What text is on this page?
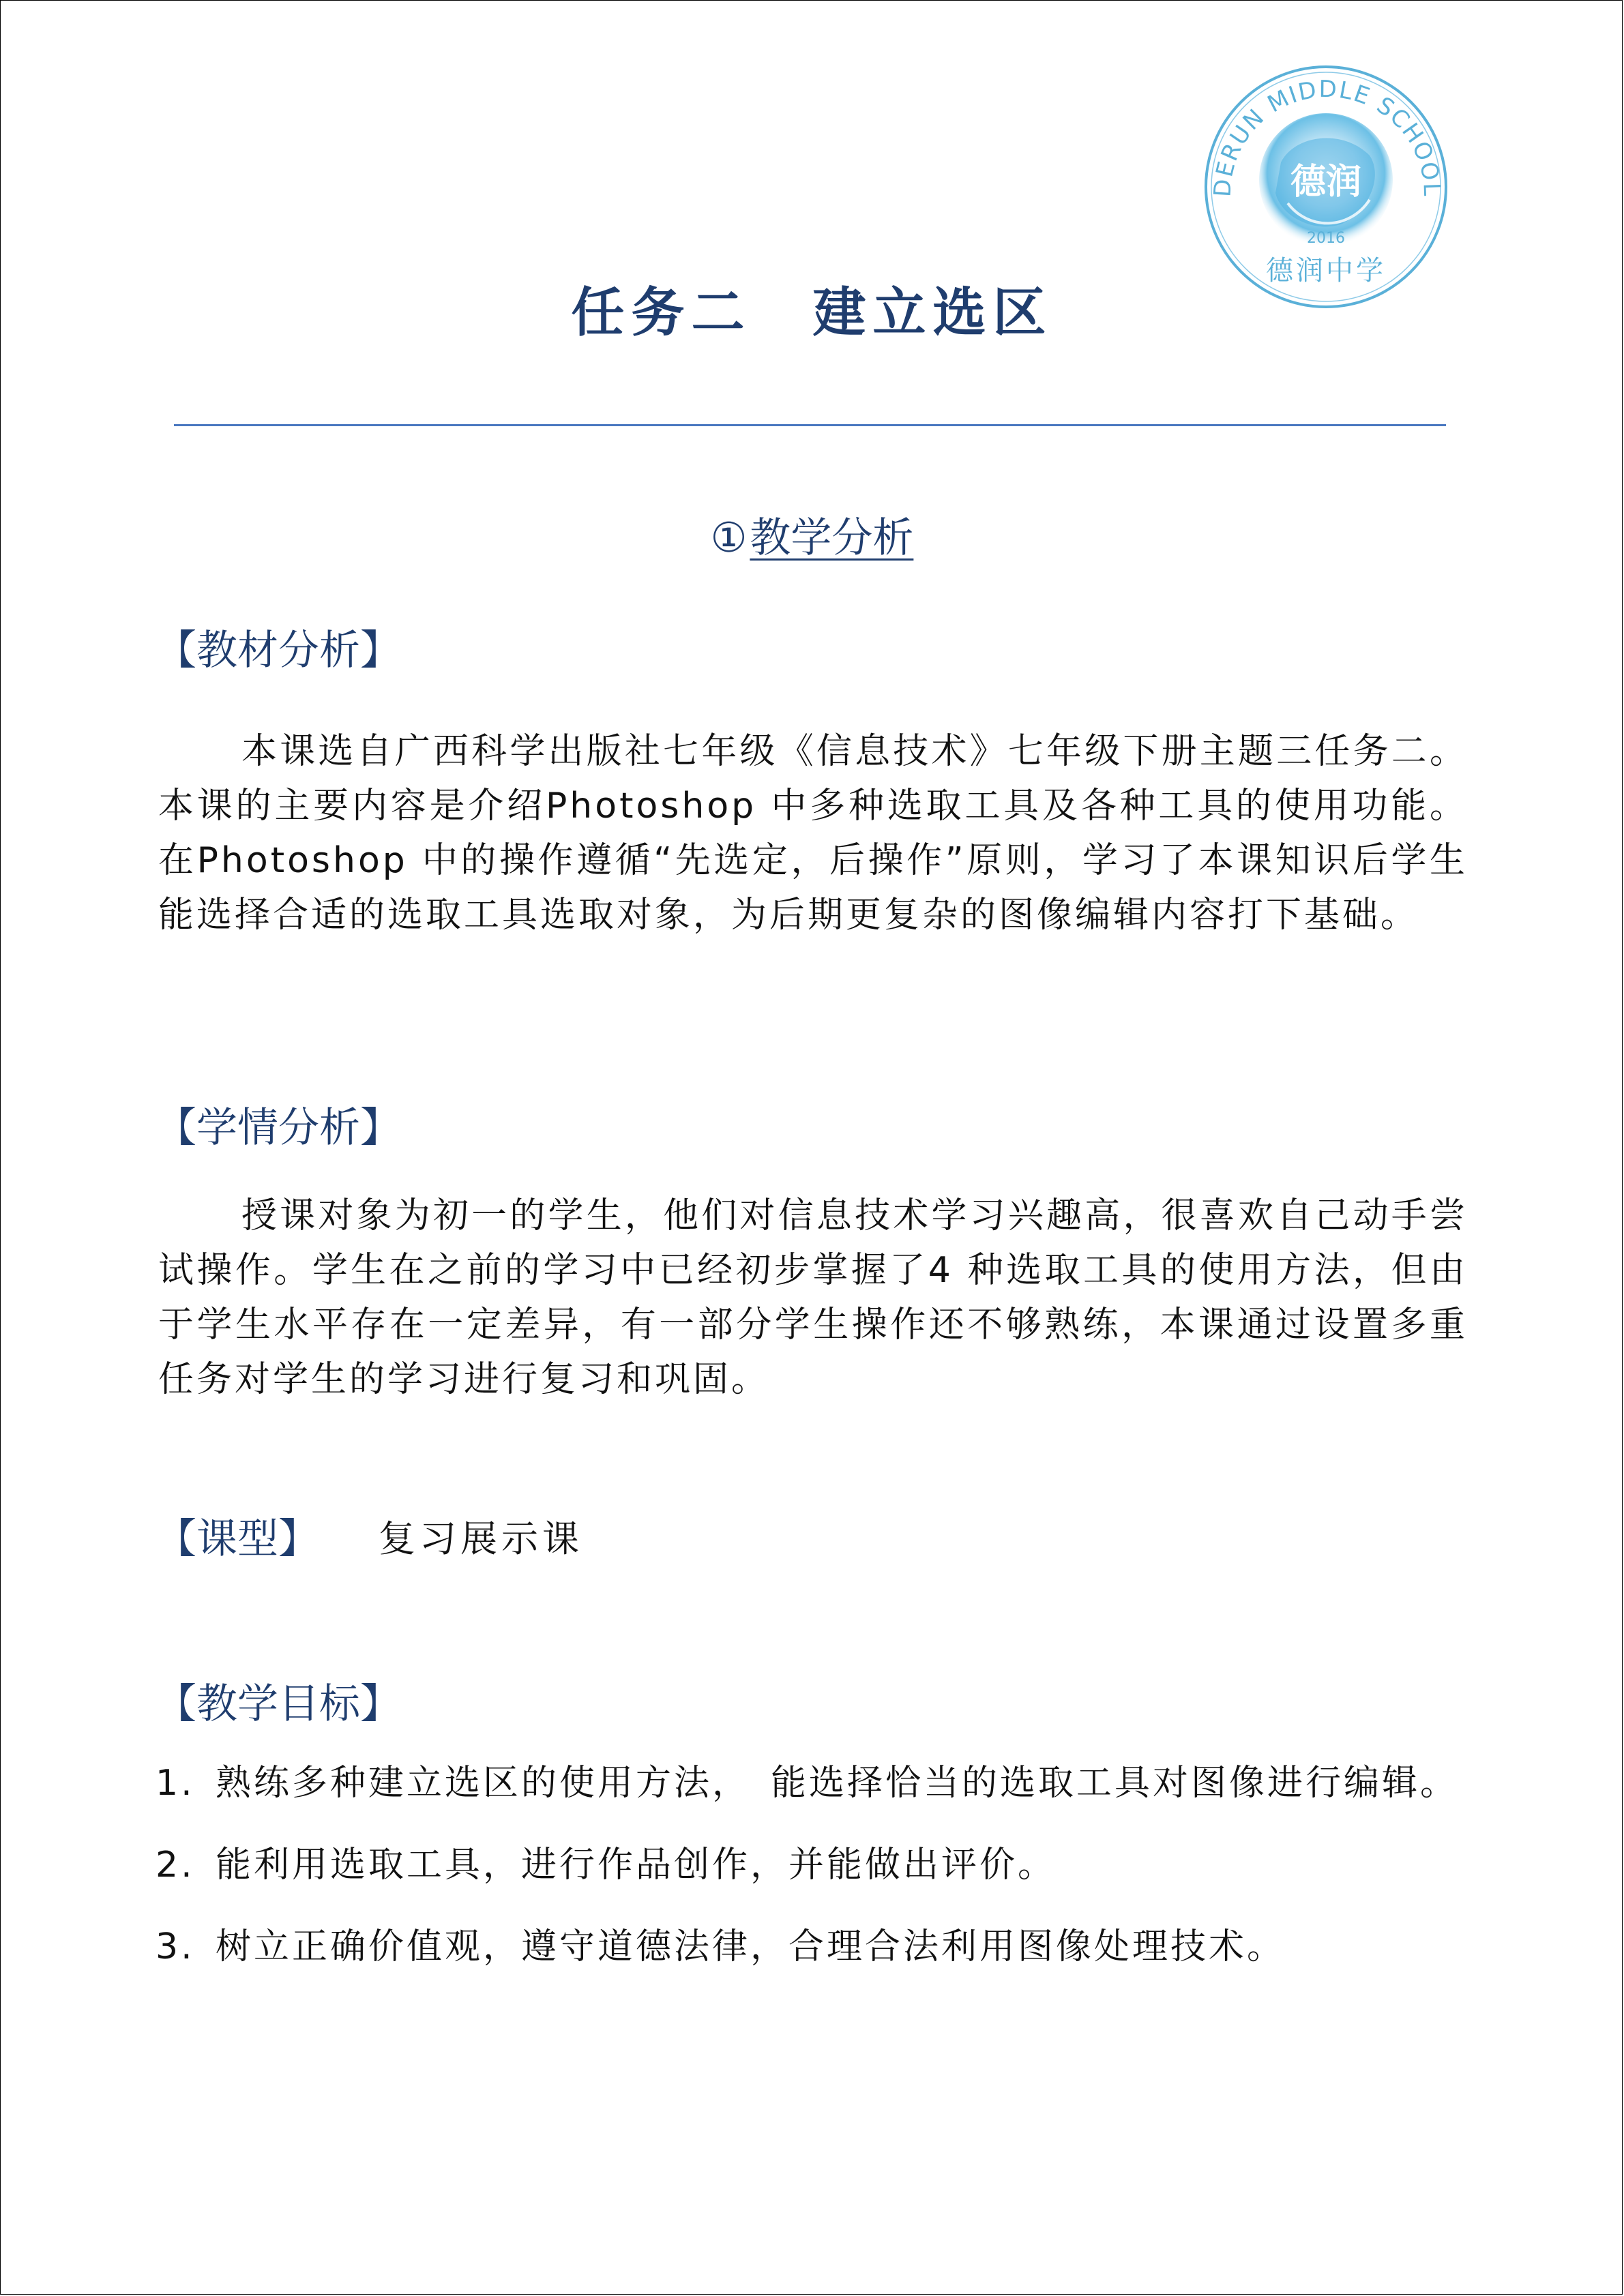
DERUN MIDDLE SCHOOL
德润
2016
德润中学
任务二 建立选区
①教学分析
【教材分析】
本课选自广西科学出版社七年级《信息技术》七年级下册主题三任务二。本课的主要内容是介绍Photoshop 中多种选取工具及各种工具的使用功能。在Photoshop 中的操作遵循“先选定，后操作”原则，学习了本课知识后学生能选择合适的选取工具选取对象，为后期更复杂的图像编辑内容打下基础。
【学情分析】
授课对象为初一的学生，他们对信息技术学习兴趣高，很喜欢自己动手尝试操作。学生在之前的学习中已经初步掌握了4 种选取工具的使用方法，但由于学生水平存在一定差异，有一部分学生操作还不够熟练，本课通过设置多重任务对学生的学习进行复习和巩固。
【课型】 复习展示课
【教学目标】
1. 熟练多种建立选区的使用方法，　能选择恰当的选取工具对图像进行编辑。
2. 能利用选取工具，进行作品创作，并能做出评价。
3. 树立正确价值观，遵守道德法律，合理合法利用图像处理技术。
